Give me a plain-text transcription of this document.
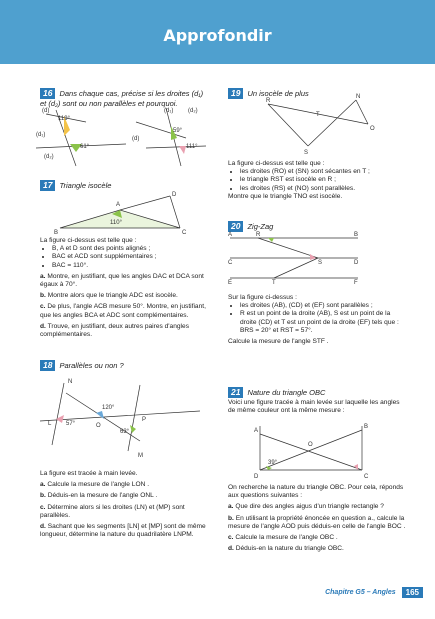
Approfondir
16 Dans chaque cas, précise si les droites (d₁) et (d₂) sont ou non parallèles et pourquoi.
(d)
119°
(d₁)
(d₂)
61°
(d)
(d₁) (d₂)
59°
111°
17 Triangle isocèle
B
A
C
D
110°

La figure ci-dessus est telle que :

• B, A et D sont des points alignés ;
• BAC et ACD sont supplémentaires ;
• BAC = 110°.

a. Montre, en justifiant, que les angles DAC et DCA sont égaux à 70°.

b. Montre alors que le triangle ADC est isocèle.

c. De plus, l'angle ACB mesure 50°. Montre, en justifiant, que les angles BCA et ADC sont complémentaires.

d. Trouve, en justifiant, deux autres paires d'angles complémentaires.

18 Parallèles ou non ?
N
L	O
P
M
120°
57°
63°

La figure est tracée à main levée.

a. Calcule la mesure de l'angle LON .

b. Déduis-en la mesure de l'angle ONL .

c. Détermine alors si les droites (LN) et (MP) sont parallèles.

d. Sachant que les segments [LN] et [MP] sont de même longueur, détermine la nature du quadrilatère LNPM.

19 Un isocèle de plus
R
N
T
O
S

La figure ci-dessus est telle que :

• les droites (RO) et (SN) sont sécantes en T ;
• le triangle RST est isocèle en R ;
• les droites (RS) et (NO) sont parallèles.

Montre que le triangle TNO est isocèle.

20 Zig-Zag
A	R	B
C	S	D
E	T	F

Sur la figure ci-dessus :

• les droites (AB), (CD) et (EF) sont parallèles ;
• R est un point de la droite (AB), S est un point de la droite (CD) et T est un point de la droite (EF) tels que : BRS = 20° et RST = 57°.

Calcule la mesure de l'angle STF .

21 Nature du triangle OBC

Voici une figure tracée à main levée sur laquelle les angles de même couleur ont la même mesure :

A
B
O
D	C
39°

On recherche la nature du triangle OBC. Pour cela, réponds aux questions suivantes :

a. Que dire des angles aigus d'un triangle rectangle ?

b. En utilisant la propriété énoncée en question a., calcule la mesure de l'angle AOD puis déduis-en celle de l'angle BOC .

c. Calcule la mesure de l'angle OBC .

d. Déduis-en la nature du triangle OBC.

Chapitre G5 – Angles	165
